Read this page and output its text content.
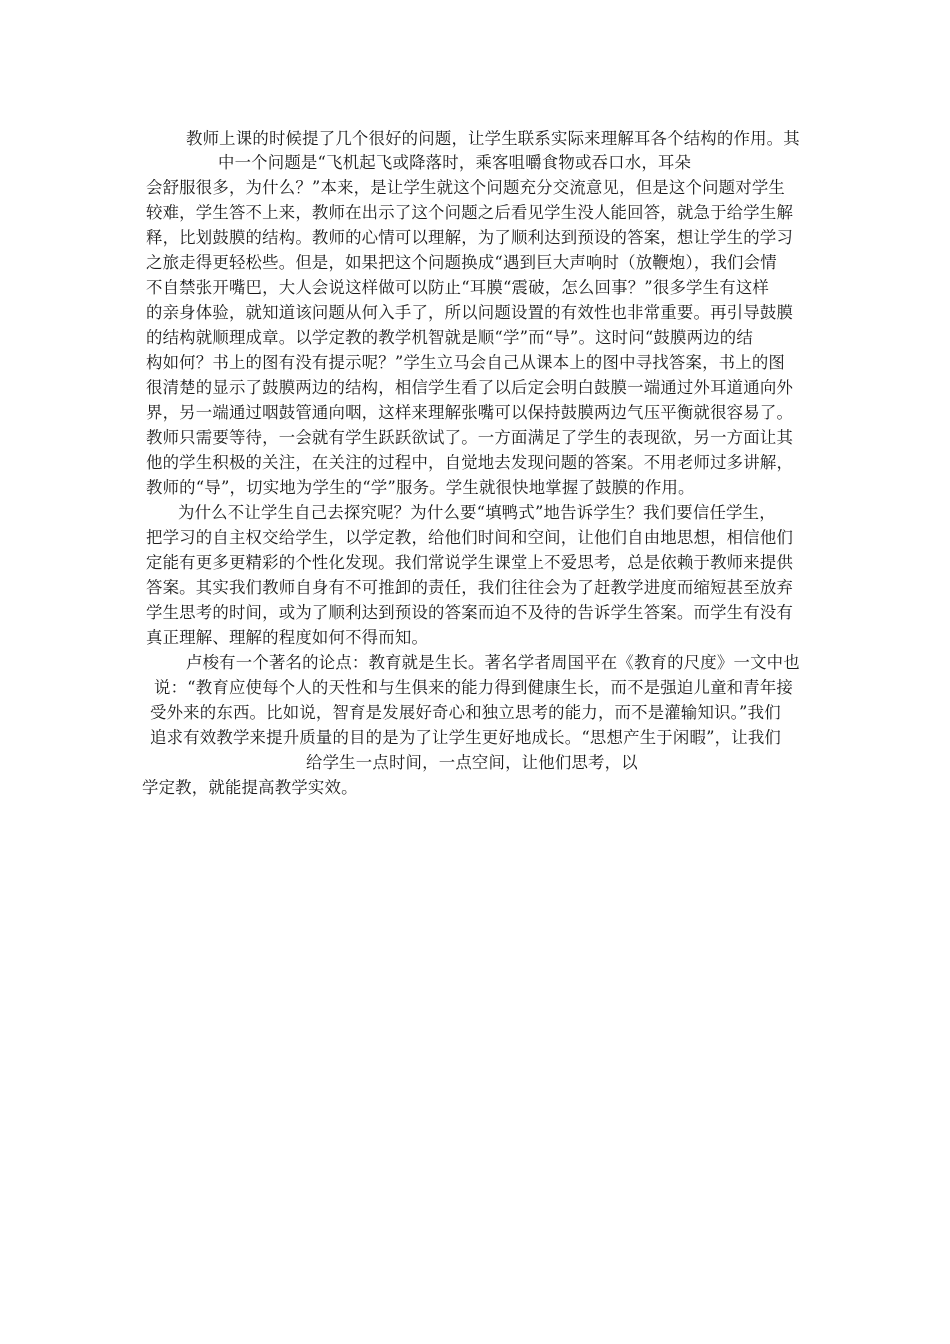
教师上课的时候提了几个很好的问题，让学生联系实际来理解耳各个结构的作用。其
中一个问题是“飞机起飞或降落时，乘客咀嚼食物或吞口水，耳朵
会舒服很多，为什么？”本来，是让学生就这个问题充分交流意见，但是这个问题对学生
较难，学生答不上来，教师在出示了这个问题之后看见学生没人能回答，就急于给学生解
释，比划鼓膜的结构。教师的心情可以理解，为了顺利达到预设的答案，想让学生的学习
之旅走得更轻松些。但是，如果把这个问题换成“遇到巨大声响时（放鞭炮），我们会情
不自禁张开嘴巴，大人会说这样做可以防止“耳膜“震破，怎么回事？”很多学生有这样
的亲身体验，就知道该问题从何入手了，所以问题设置的有效性也非常重要。再引导鼓膜
的结构就顺理成章。以学定教的教学机智就是顺“学”而“导”。这时问“鼓膜两边的结
构如何？书上的图有没有提示呢？”学生立马会自己从课本上的图中寻找答案，书上的图
很清楚的显示了鼓膜两边的结构，相信学生看了以后定会明白鼓膜一端通过外耳道通向外
界，另一端通过咽鼓管通向咽，这样来理解张嘴可以保持鼓膜两边气压平衡就很容易了。
教师只需要等待，一会就有学生跃跃欲试了。一方面满足了学生的表现欲，另一方面让其
他的学生积极的关注，在关注的过程中，自觉地去发现问题的答案。不用老师过多讲解，
教师的“导”，切实地为学生的“学”服务。学生就很快地掌握了鼓膜的作用。
为什么不让学生自己去探究呢？为什么要“填鸭式”地告诉学生？我们要信任学生，
把学习的自主权交给学生，以学定教，给他们时间和空间，让他们自由地思想，相信他们
定能有更多更精彩的个性化发现。我们常说学生课堂上不爱思考，总是依赖于教师来提供
答案。其实我们教师自身有不可推卸的责任，我们往往会为了赶教学进度而缩短甚至放弃
学生思考的时间，或为了顺利达到预设的答案而迫不及待的告诉学生答案。而学生有没有
真正理解、理解的程度如何不得而知。
卢梭有一个著名的论点：教育就是生长。著名学者周国平在《教育的尺度》一文中也
说：“教育应使每个人的天性和与生俱来的能力得到健康生长，而不是强迫儿童和青年接
受外来的东西。比如说，智育是发展好奇心和独立思考的能力，而不是灌输知识。”我们
追求有效教学来提升质量的目的是为了让学生更好地成长。“思想产生于闲暇”，让我们
给学生一点时间，一点空间，让他们思考，以
学定教，就能提高教学实效。
